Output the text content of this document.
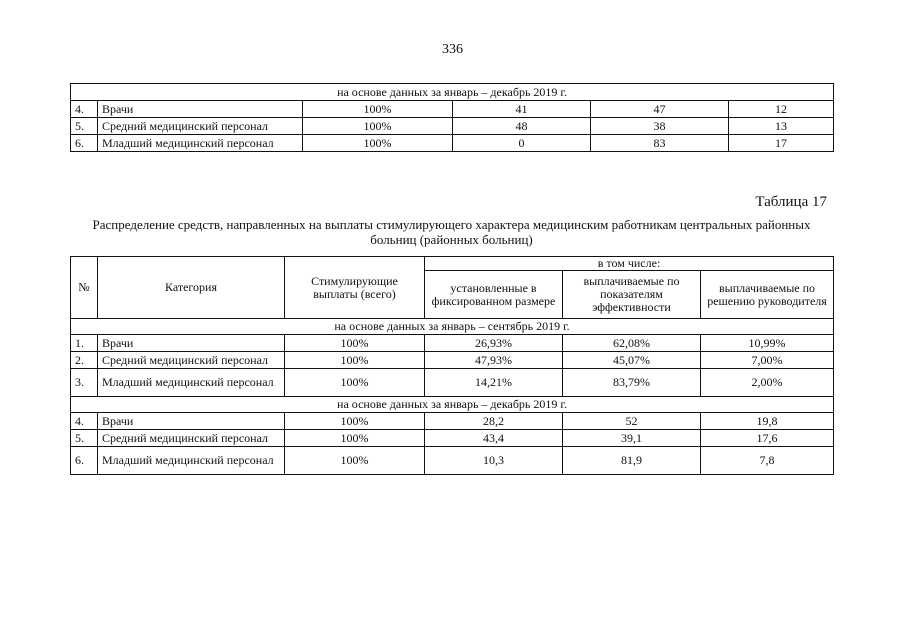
336
на основе данных за январь – декабрь 2019 г.					
4.	Врачи	100%	41	47	12
5.	Средний медицинский персонал	100%	48	38	13
6.	Младший медицинский персонал	100%	0	83	17
Таблица 17
Распределение средств, направленных на выплаты стимулирующего характера медицинским работникам центральных районных больниц (районных больниц)
№	Категория	Стимулирующие выплаты (всего)	в том числе:		
			установленные в фиксированном размере	выплачиваемые по показателям эффективности	выплачиваемые по решению руководителя
на основе данных за январь – сентябрь 2019 г.					
1.	Врачи	100%	26,93%	62,08%	10,99%
2.	Средний медицинский персонал	100%	47,93%	45,07%	7,00%
3.	Младший медицинский персонал	100%	14,21%	83,79%	2,00%
на основе данных за январь – декабрь 2019 г.					
4.	Врачи	100%	28,2	52	19,8
5.	Средний медицинский персонал	100%	43,4	39,1	17,6
6.	Младший медицинский персонал	100%	10,3	81,9	7,8
